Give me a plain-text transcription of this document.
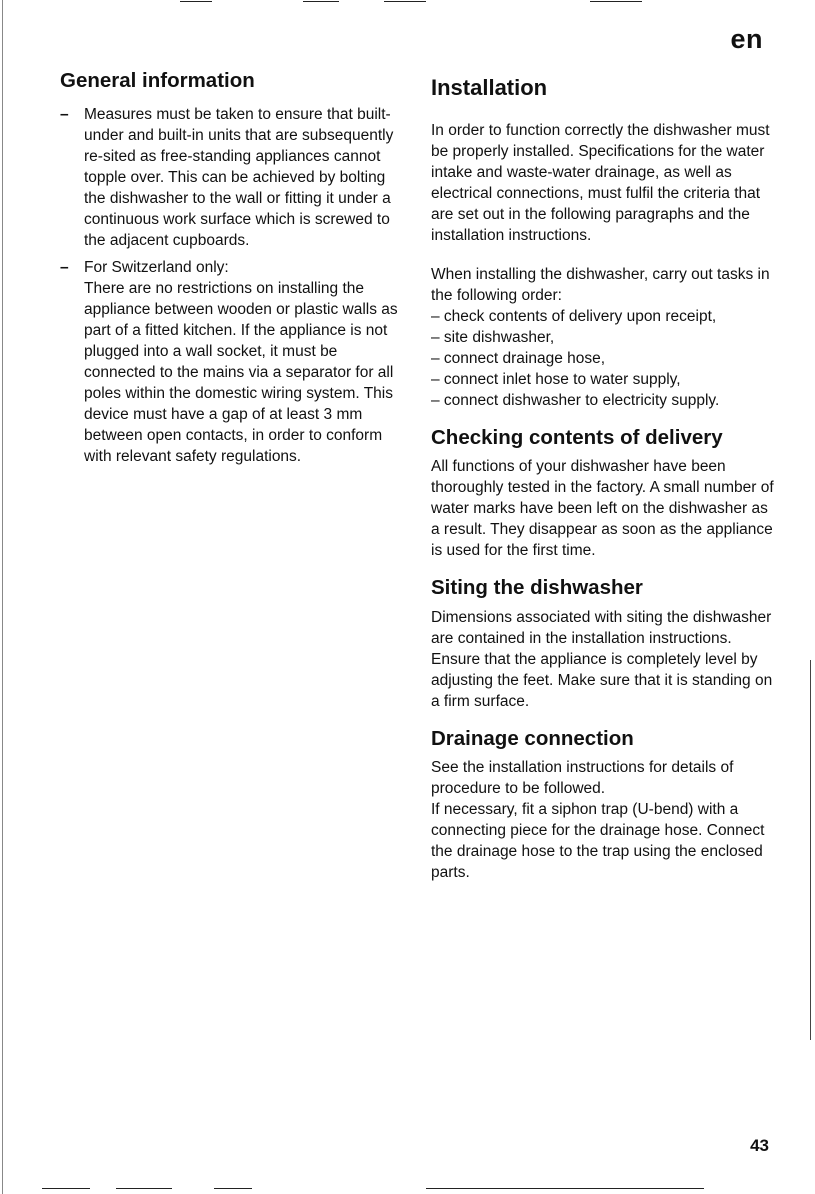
en
General information
– Measures must be taken to ensure that built-under and built-in units that are subsequently re-sited as free-standing appliances cannot topple over. This can be achieved by bolting the dishwasher to the wall or fitting it under a continuous work surface which is screwed to the adjacent cupboards.
– For Switzerland only:
There are no restrictions on installing the appliance between wooden or plastic walls as part of a fitted kitchen. If the appliance is not plugged into a wall socket, it must be connected to the mains via a separator for all poles within the domestic wiring system. This device must have a gap of at least 3 mm between open contacts, in order to conform with relevant safety regulations.
Installation

In order to function correctly the dishwasher must be properly installed. Specifications for the water intake and waste-water drainage, as well as electrical connections, must fulfil the criteria that are set out in the following paragraphs and the installation instructions.

When installing the dishwasher, carry out tasks in the following order:

– check contents of delivery upon receipt,
– site dishwasher,
– connect drainage hose,
– connect inlet hose to water supply,
– connect dishwasher to electricity supply.
Checking contents of delivery

All functions of your dishwasher have been thoroughly tested in the factory. A small number of water marks have been left on the dishwasher as a result. They disappear as soon as the appliance is used for the first time.

Siting the dishwasher

Dimensions associated with siting the dishwasher are contained in the installation instructions. Ensure that the appliance is completely level by adjusting the feet. Make sure that it is standing on a firm surface.

Drainage connection

See the installation instructions for details of procedure to be followed.

If necessary, fit a siphon trap (U-bend) with a connecting piece for the drainage hose. Connect the drainage hose to the trap using the enclosed parts.

43
